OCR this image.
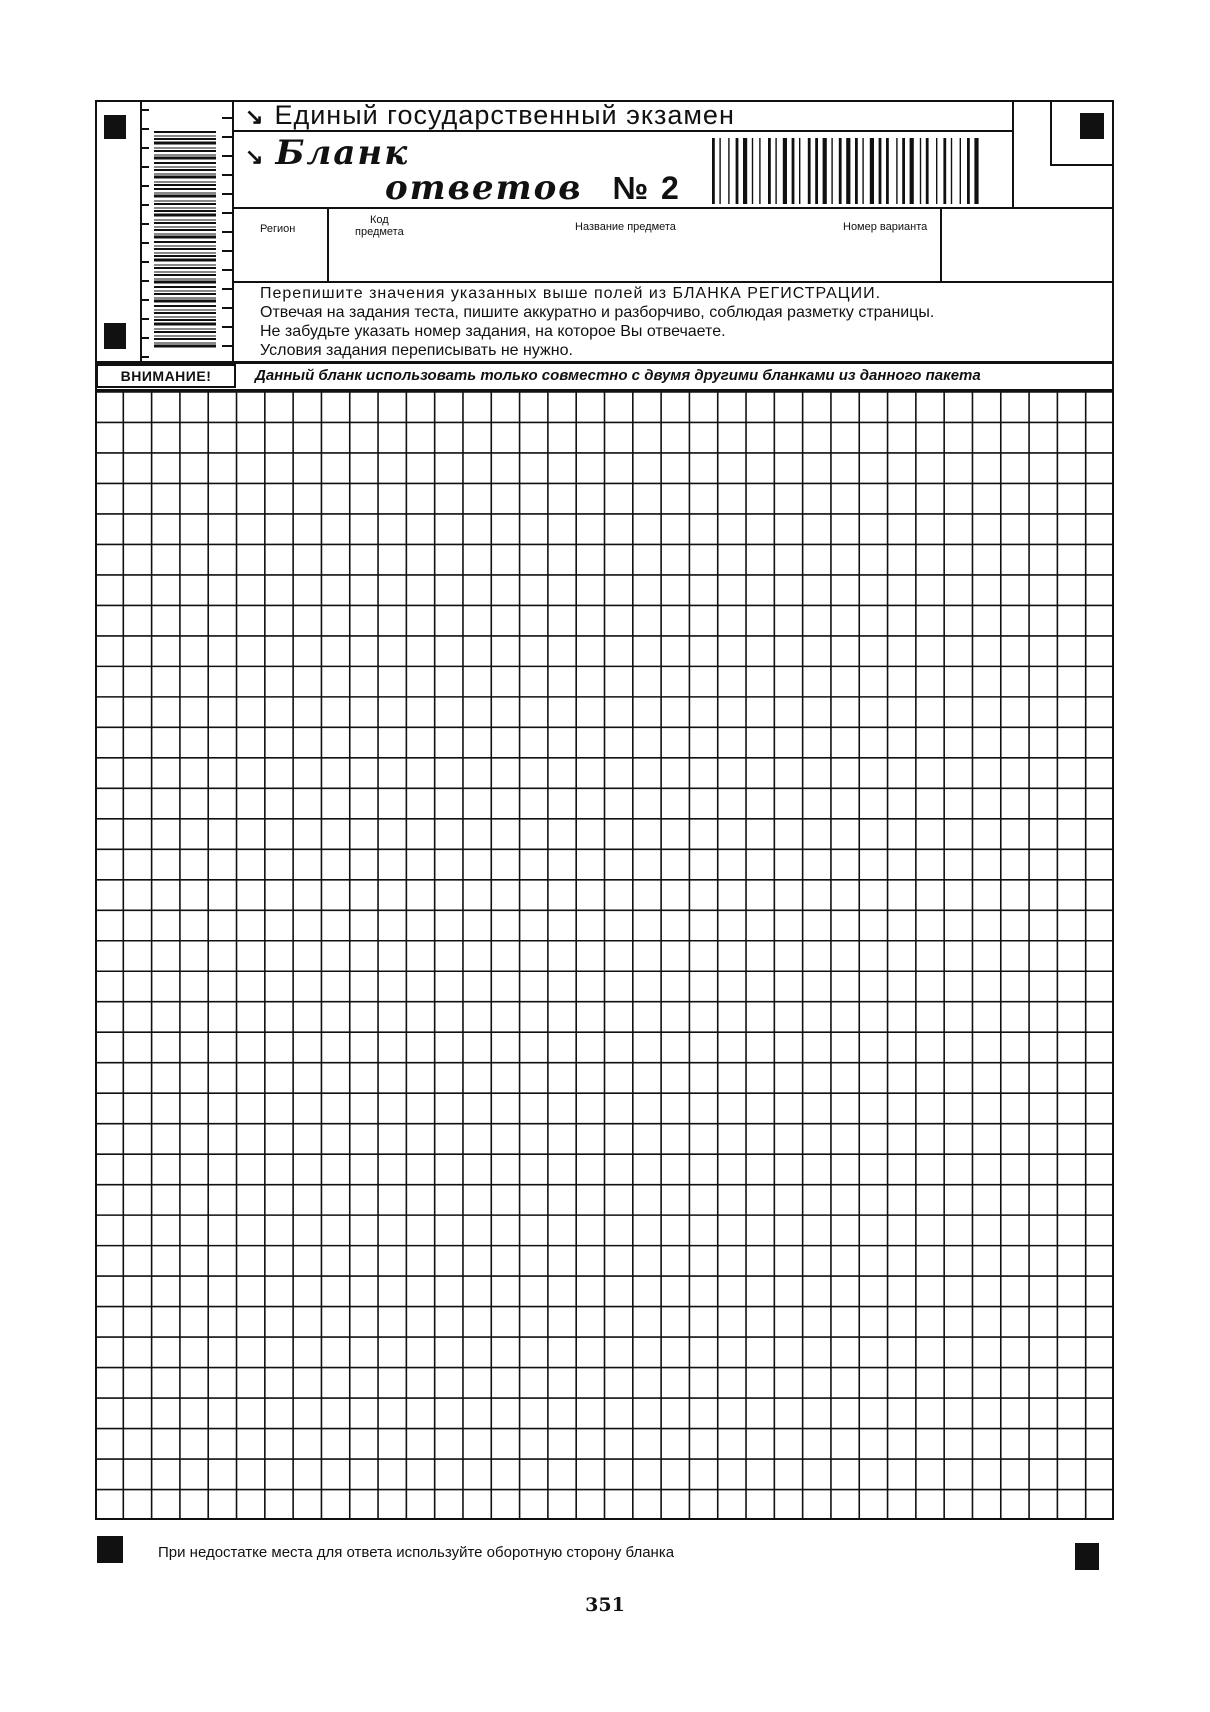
↘ Единый государственный экзамен
↘ Бланк
ответов № 2
Регион
Код
предмета	Название предмета	Номер варианта
Перепишите значения указанных выше полей из БЛАНКА РЕГИСТРАЦИИ.
Отвечая на задания теста, пишите аккуратно и разборчиво, соблюдая разметку страницы.
Не забудьте указать номер задания, на которое Вы отвечаете.
Условия задания переписывать не нужно.
ВНИМАНИЕ!	Данный бланк использовать только совместно с двумя другими бланками из данного пакета
При недостатке места для ответа используйте оборотную сторону бланка
351
